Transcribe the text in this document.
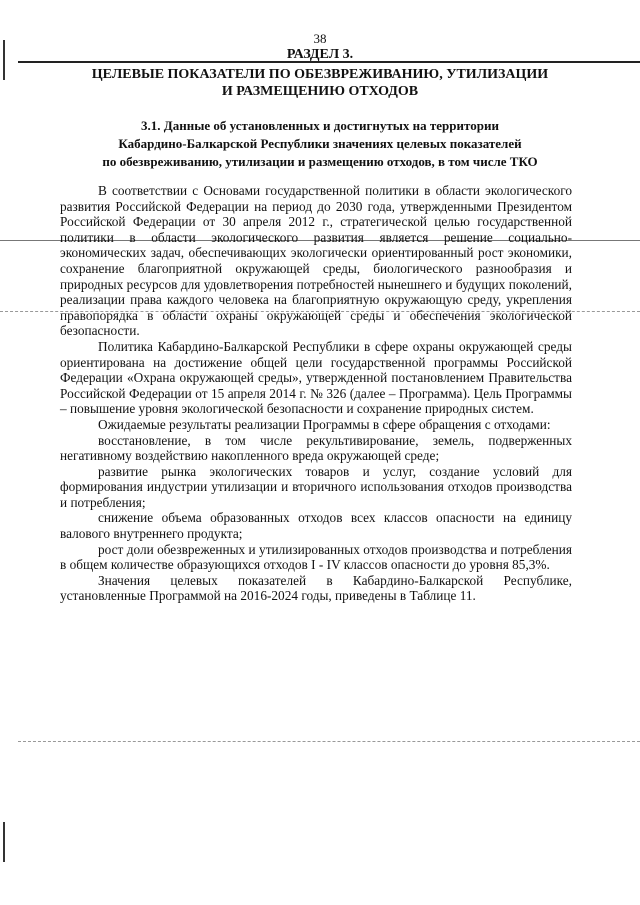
38
РАЗДЕЛ 3.
ЦЕЛЕВЫЕ ПОКАЗАТЕЛИ ПО ОБЕЗВРЕЖИВАНИЮ, УТИЛИЗАЦИИ
И РАЗМЕЩЕНИЮ ОТХОДОВ
3.1. Данные об установленных и достигнутых на территории
Кабардино-Балкарской Республики значениях целевых показателей
по обезвреживанию, утилизации и размещению отходов, в том числе ТКО

В соответствии с Основами государственной политики в области экологического развития Российской Федерации на период до 2030 года, утвержденными Президентом Российской Федерации от 30 апреля 2012 г., стратегической целью государственной политики в области экологического развития является решение социально-экономических задач, обеспечивающих экологически ориентированный рост экономики, сохранение благоприятной окружающей среды, биологического разнообразия и природных ресурсов для удовлетворения потребностей нынешнего и будущих поколений, реализации права каждого человека на благоприятную окружающую среду, укрепления правопорядка в области охраны окружающей среды и обеспечения экологической безопасности.

Политика Кабардино-Балкарской Республики в сфере охраны окружающей среды ориентирована на достижение общей цели государственной программы Российской Федерации «Охрана окружающей среды», утвержденной постановлением Правительства Российской Федерации от 15 апреля 2014 г. № 326 (далее – Программа). Цель Программы – повышение уровня экологической безопасности и сохранение природных систем.

Ожидаемые результаты реализации Программы в сфере обращения с отходами:

восстановление, в том числе рекультивирование, земель, подверженных негативному воздействию накопленного вреда окружающей среде;

развитие рынка экологических товаров и услуг, создание условий для формирования индустрии утилизации и вторичного использования отходов производства и потребления;

снижение объема образованных отходов всех классов опасности на единицу валового внутреннего продукта;

рост доли обезвреженных и утилизированных отходов производства и потребления в общем количестве образующихся отходов I - IV классов опасности до уровня 85,3%.

Значения целевых показателей в Кабардино-Балкарской Республике, установленные Программой на 2016-2024 годы, приведены в Таблице 11.
